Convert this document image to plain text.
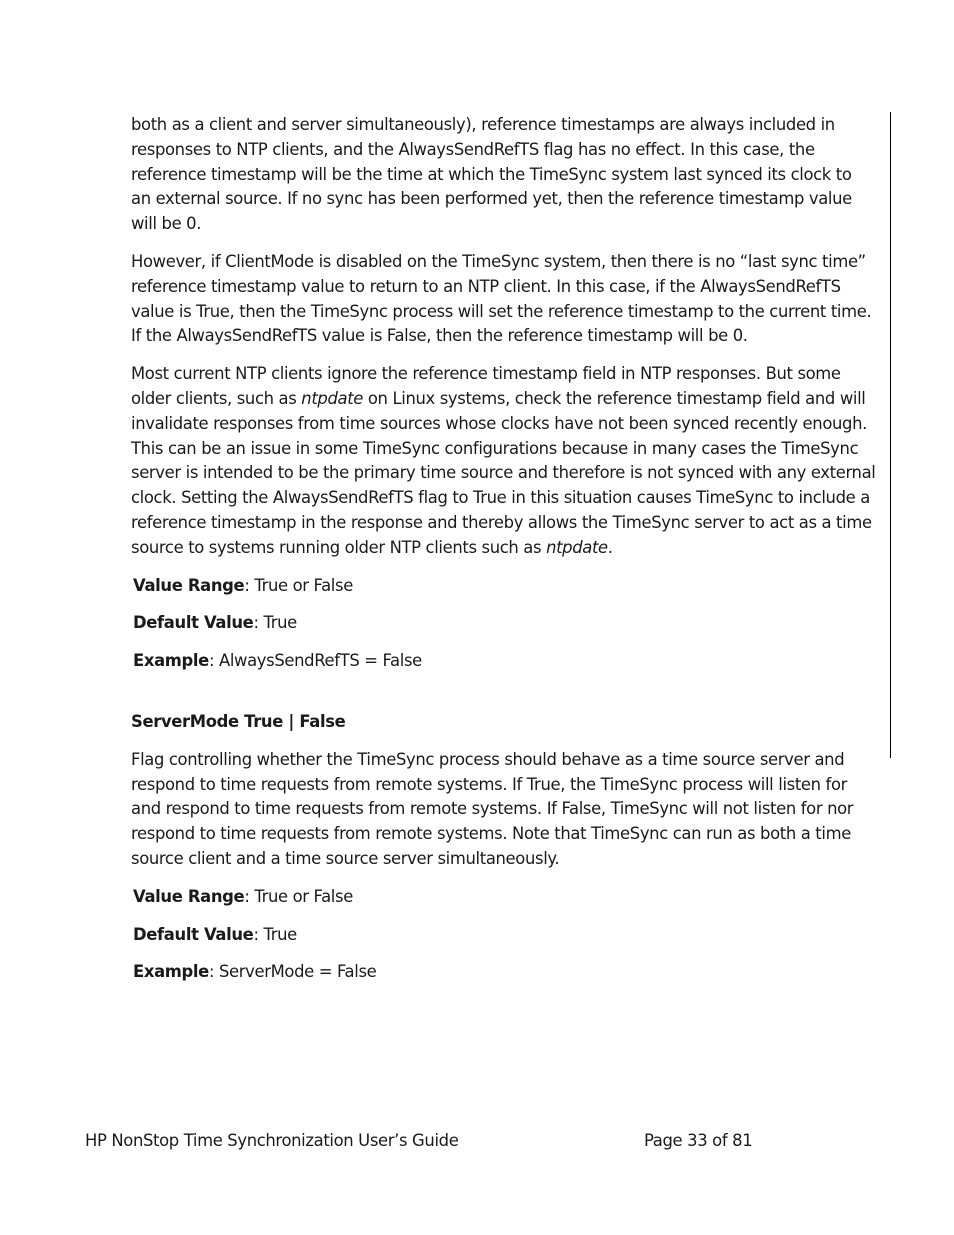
both as a client and server simultaneously), reference timestamps are always included in responses to NTP clients, and the AlwaysSendRefTS flag has no effect. In this case, the reference timestamp will be the time at which the TimeSync system last synced its clock to an external source. If no sync has been performed yet, then the reference timestamp value will be 0.

However, if ClientMode is disabled on the TimeSync system, then there is no “last sync time” reference timestamp value to return to an NTP client. In this case, if the AlwaysSendRefTS value is True, then the TimeSync process will set the reference timestamp to the current time. If the AlwaysSendRefTS value is False, then the reference timestamp will be 0.

Most current NTP clients ignore the reference timestamp field in NTP responses. But some older clients, such as ntpdate on Linux systems, check the reference timestamp field and will invalidate responses from time sources whose clocks have not been synced recently enough. This can be an issue in some TimeSync configurations because in many cases the TimeSync server is intended to be the primary time source and therefore is not synced with any external clock. Setting the AlwaysSendRefTS flag to True in this situation causes TimeSync to include a reference timestamp in the response and thereby allows the TimeSync server to act as a time source to systems running older NTP clients such as ntpdate.

Value Range: True or False

Default Value: True

Example: AlwaysSendRefTS = False

ServerMode True | False

Flag controlling whether the TimeSync process should behave as a time source server and respond to time requests from remote systems. If True, the TimeSync process will listen for and respond to time requests from remote systems. If False, TimeSync will not listen for nor respond to time requests from remote systems. Note that TimeSync can run as both a time source client and a time source server simultaneously.

Value Range: True or False

Default Value: True

Example: ServerMode = False

HP NonStop Time Synchronization User’s Guide	Page 33 of 81
